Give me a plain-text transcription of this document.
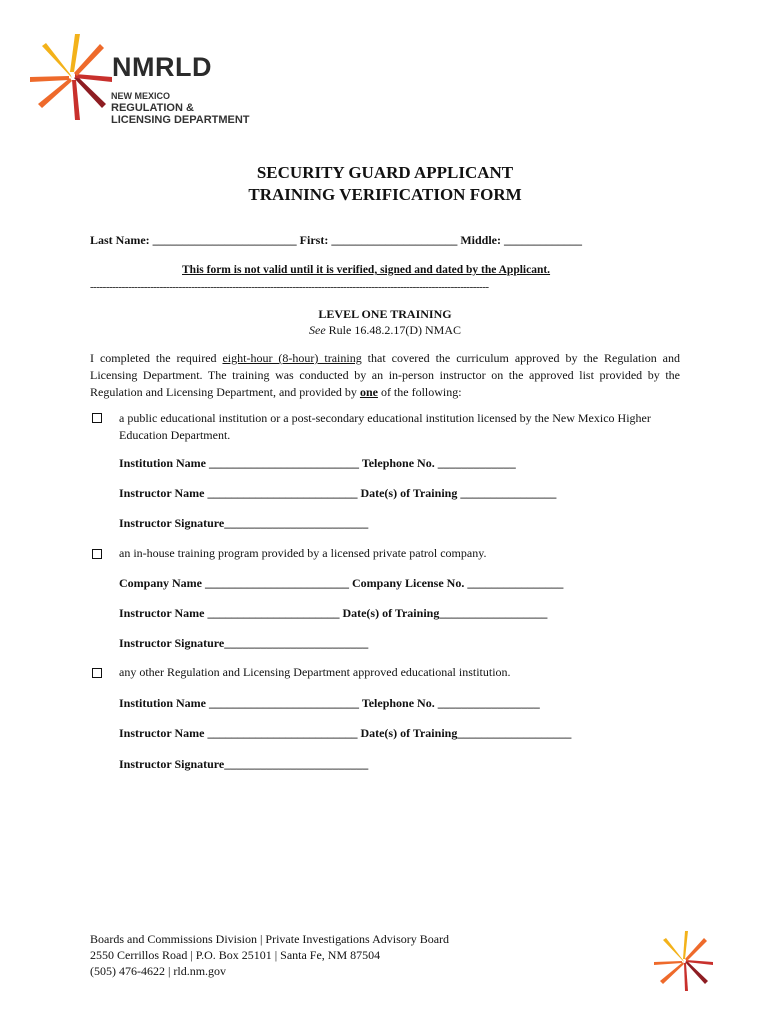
NMRLD
NEW MEXICO
REGULATION &
LICENSING DEPARTMENT
SECURITY GUARD APPLICANT
TRAINING VERIFICATION FORM
Last Name: ________________________ First: _____________________ Middle: _____________
This form is not valid until it is verified, signed and dated by the Applicant.
------------------------------------------------------------------------------------------------------------------------------
LEVEL ONE TRAINING
See Rule 16.48.2.17(D) NMAC
I completed the required eight-hour (8-hour) training that covered the curriculum approved by the Regulation and Licensing Department. The training was conducted by an in-person instructor on the approved list provided by the Regulation and Licensing Department, and provided by one of the following:
a public educational institution or a post-secondary educational institution licensed by the New Mexico Higher Education Department.
Institution Name _________________________ Telephone No. _____________
Instructor Name _________________________ Date(s) of Training ________________
Instructor Signature________________________
an in-house training program provided by a licensed private patrol company.
Company Name ________________________ Company License No. ________________
Instructor Name ______________________ Date(s) of Training__________________
Instructor Signature________________________
any other Regulation and Licensing Department approved educational institution.
Institution Name _________________________ Telephone No. _________________
Instructor Name _________________________ Date(s) of Training___________________
Instructor Signature________________________
Boards and Commissions Division | Private Investigations Advisory Board
2550 Cerrillos Road | P.O. Box 25101 | Santa Fe, NM 87504
(505) 476-4622 | rld.nm.gov
